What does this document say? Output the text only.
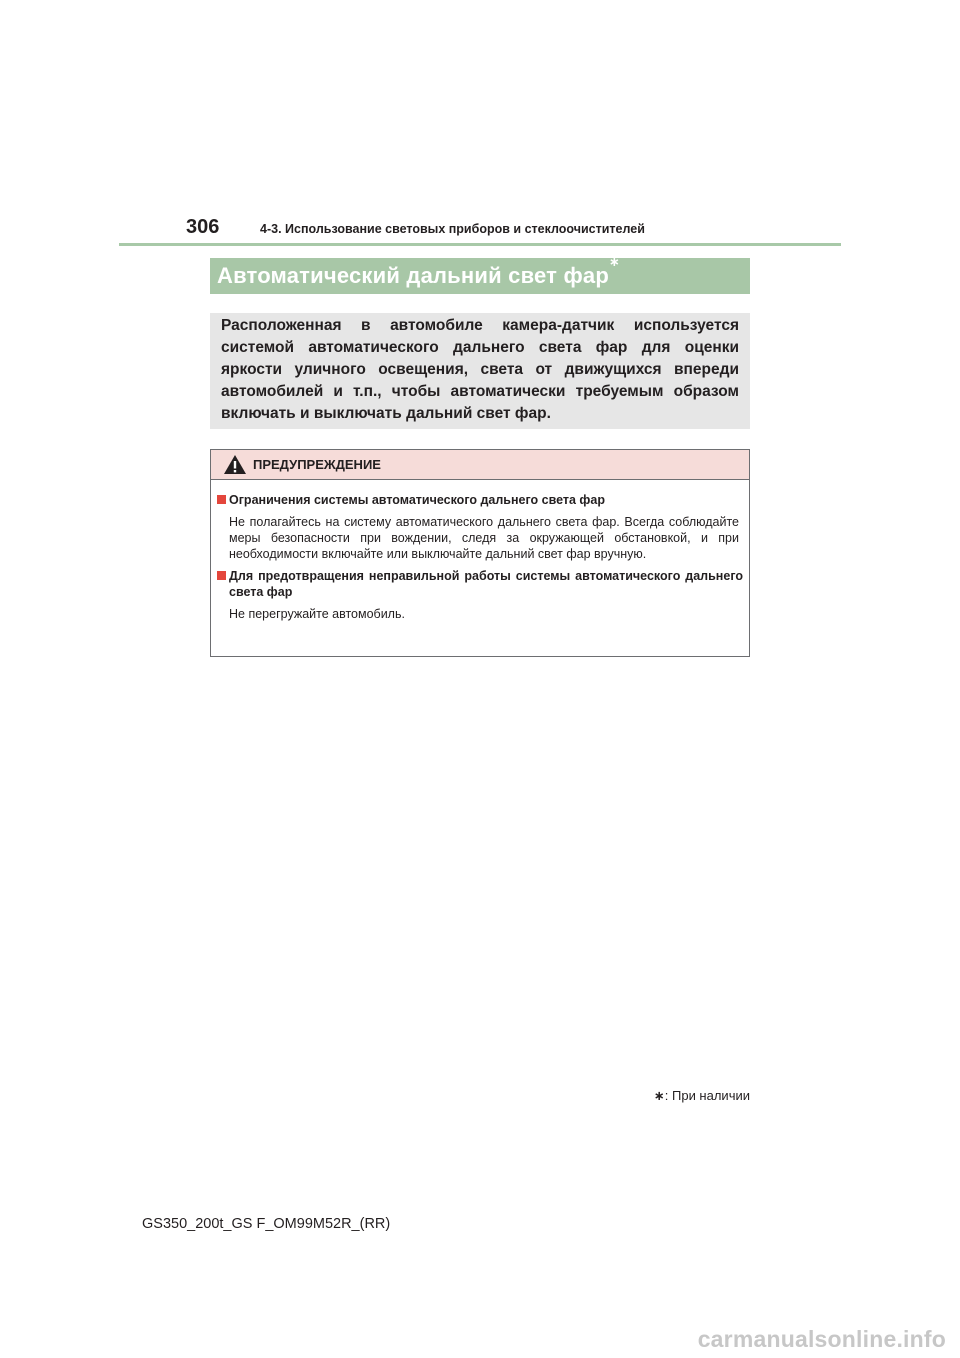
306	4-3. Использование световых приборов и стеклоочистителей
Автоматический дальний свет фар∗

Расположенная в автомобиле камера-датчик используется системой автоматического дальнего света фар для оценки яркости уличного освещения, света от движущихся впереди автомобилей и т.п., чтобы автоматически требуемым образом включать и выключать дальний свет фар.

ПРЕДУПРЕЖДЕНИЕ

Ограничения системы автоматического дальнего света фар

Не полагайтесь на систему автоматического дальнего света фар. Всегда соблюдайте меры безопасности при вождении, следя за окружающей обстановкой, и при необходимости включайте или выключайте дальний свет фар вручную.

Для предотвращения неправильной работы системы автоматического дальнего света фар

Не перегружайте автомобиль.

∗: При наличии
GS350_200t_GS F_OM99M52R_(RR)
carmanualsonline.info
